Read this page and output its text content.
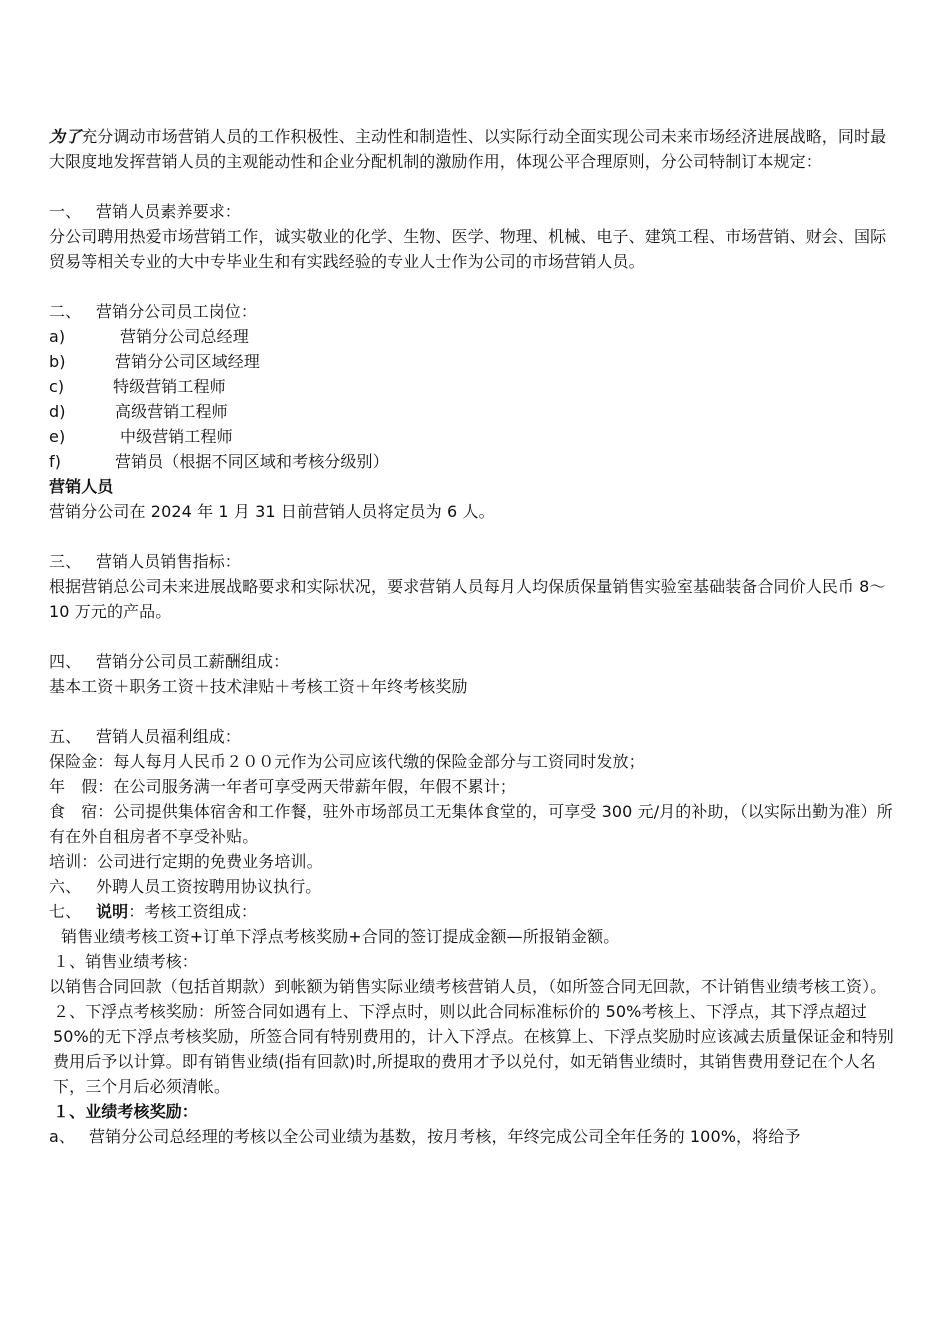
为了充分调动市场营销人员的工作积极性、主动性和制造性、以实际行动全面实现公司未来市场经济进展战略，同时最大限度地发挥营销人员的主观能动性和企业分配机制的激励作用，体现公平合理原则，分公司特制订本规定：

一、 营销人员素养要求：

分公司聘用热爱市场营销工作，诚实敬业的化学、生物、医学、物理、机械、电子、建筑工程、市场营销、财会、国际贸易等相关专业的大中专毕业生和有实践经验的专业人士作为公司的市场营销人员。

二、 营销分公司员工岗位：

a)	营销分公司总经理
b)	营销分公司区域经理
c)	特级营销工程师
d)	高级营销工程师
e)	中级营销工程师
f)	营销员（根据不同区域和考核分级别）

营销人员

营销分公司在 2024 年 1 月 31 日前营销人员将定员为 6 人。

三、 营销人员销售指标：

根据营销总公司未来进展战略要求和实际状况，要求营销人员每月人均保质保量销售实验室基础装备合同价人民币 8～10 万元的产品。

四、 营销分公司员工薪酬组成：

基本工资＋职务工资＋技术津贴＋考核工资＋年终考核奖励

五、 营销人员福利组成：

保险金：每人每月人民币２００元作为公司应该代缴的保险金部分与工资同时发放；

年　假：在公司服务满一年者可享受两天带薪年假，年假不累计；

食　宿：公司提供集体宿舍和工作餐，驻外市场部员工无集体食堂的，可享受 300 元/月的补助，（以实际出勤为准）所有在外自租房者不享受补贴。

培训：公司进行定期的免费业务培训。

六、 外聘人员工资按聘用协议执行。

七、 说明：考核工资组成：

销售业绩考核工资+订单下浮点考核奖励+合同的签订提成金额—所报销金额。

１、销售业绩考核：

以销售合同回款（包括首期款）到帐额为销售实际业绩考核营销人员，（如所签合同无回款，不计销售业绩考核工资）。

２、下浮点考核奖励：所签合同如遇有上、下浮点时，则以此合同标准标价的 50%考核上、下浮点，其下浮点超过 50%的无下浮点考核奖励，所签合同有特别费用的，计入下浮点。在核算上、下浮点奖励时应该减去质量保证金和特别费用后予以计算。即有销售业绩(指有回款)时,所提取的费用才予以兑付，如无销售业绩时，其销售费用登记在个人名下，三个月后必须清帐。

１、业绩考核奖励：

a、 营销分公司总经理的考核以全公司业绩为基数，按月考核，年终完成公司全年任务的 100%，将给予
